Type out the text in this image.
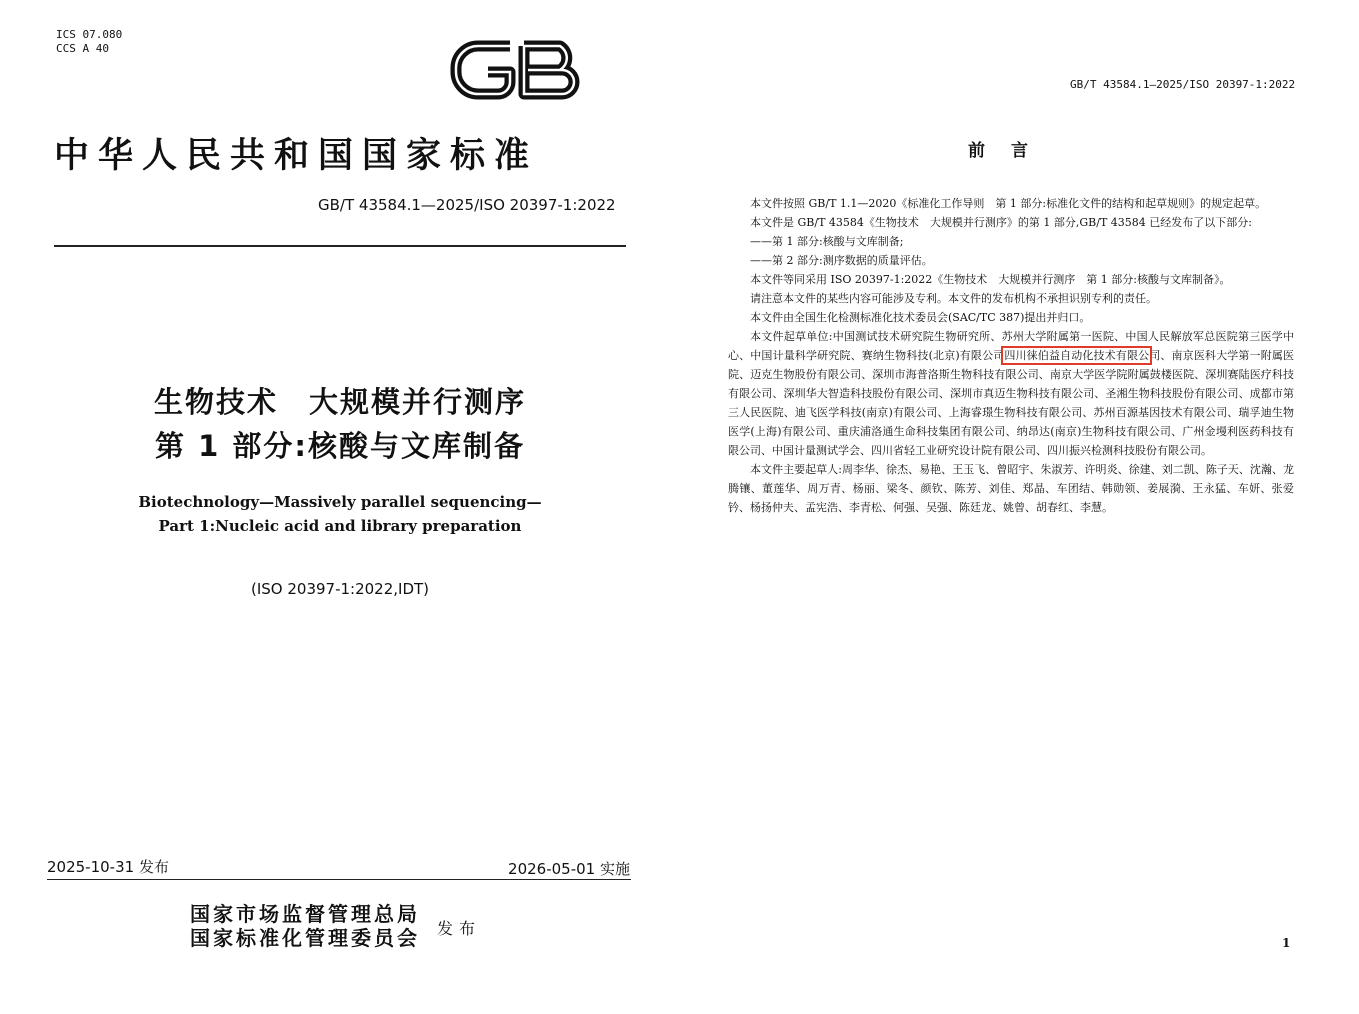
ICS 07.080
CCS A 40
中华人民共和国国家标准
GB/T 43584.1—2025/ISO 20397-1:2022
生物技术　大规模并行测序
第 1 部分:核酸与文库制备
Biotechnology—Massively parallel sequencing—
Part 1:Nucleic acid and library preparation
(ISO 20397-1:2022,IDT)
2025-10-31 发布	2026-05-01 实施
国家市场监督管理总局
国家标准化管理委员会 发布
GB/T 43584.1—2025/ISO 20397-1:2022
前言

本文件按照 GB/T 1.1—2020《标准化工作导则　第 1 部分:标准化文件的结构和起草规则》的规定起草。

本文件是 GB/T 43584《生物技术　大规模并行测序》的第 1 部分,GB/T 43584 已经发布了以下部分:

——第 1 部分:核酸与文库制备;

——第 2 部分:测序数据的质量评估。

本文件等同采用 ISO 20397-1:2022《生物技术　大规模并行测序　第 1 部分:核酸与文库制备》。

请注意本文件的某些内容可能涉及专利。本文件的发布机构不承担识别专利的责任。

本文件由全国生化检测标准化技术委员会(SAC/TC 387)提出并归口。

本文件起草单位:中国测试技术研究院生物研究所、苏州大学附属第一医院、中国人民解放军总医院第三医学中心、中国计量科学研究院、赛纳生物科技(北京)有限公司四川徕伯益自动化技术有限公司、南京医科大学第一附属医院、迈克生物股份有限公司、深圳市海普洛斯生物科技有限公司、南京大学医学院附属鼓楼医院、深圳赛陆医疗科技有限公司、深圳华大智造科技股份有限公司、深圳市真迈生物科技有限公司、圣湘生物科技股份有限公司、成都市第三人民医院、迪飞医学科技(南京)有限公司、上海睿璟生物科技有限公司、苏州百源基因技术有限公司、瑞孚迪生物医学(上海)有限公司、重庆浦洛通生命科技集团有限公司、纳昂达(南京)生物科技有限公司、广州金墁利医药科技有限公司、中国计量测试学会、四川省轻工业研究设计院有限公司、四川振兴检测科技股份有限公司。

本文件主要起草人:周李华、徐杰、易艳、王玉飞、曾昭宇、朱淑芳、许明炎、徐建、刘二凯、陈子天、沈瀚、龙腾镶、董莲华、周万青、杨丽、梁冬、颜钦、陈芳、刘佳、郑晶、车团结、韩勋领、姜展漪、王永猛、车妍、张爱钤、杨扬仲夫、孟宪浩、李青松、何强、吴强、陈廷龙、姚曾、胡春红、李慧。

1
